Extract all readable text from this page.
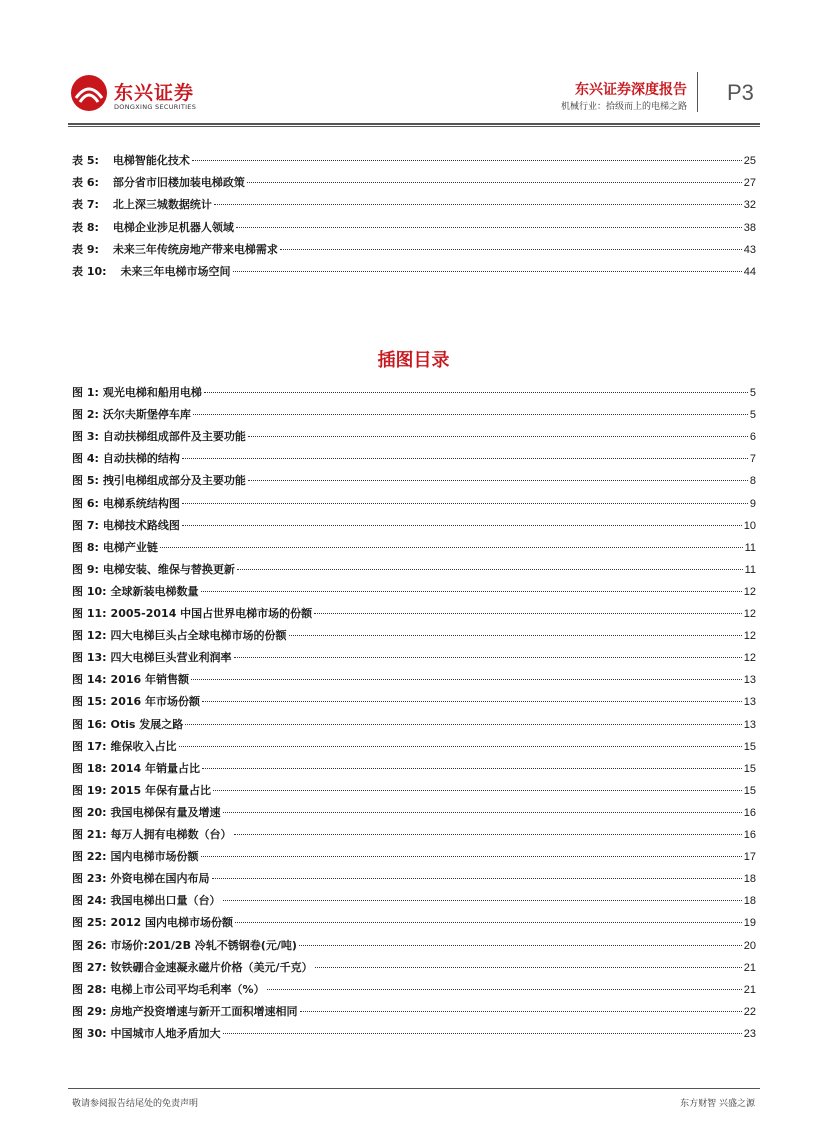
东兴证券
DONGXING SECURITIES
东兴证券深度报告
机械行业：拾级而上的电梯之路
P3
表 5: 电梯智能化技术	25
表 6: 部分省市旧楼加装电梯政策	27
表 7: 北上深三城数据统计	32
表 8: 电梯企业涉足机器人领域	38
表 9: 未来三年传统房地产带来电梯需求	43
表 10: 未来三年电梯市场空间	44
插图目录
图 1: 观光电梯和船用电梯	5
图 2: 沃尔夫斯堡停车库	5
图 3: 自动扶梯组成部件及主要功能	6
图 4: 自动扶梯的结构	7
图 5: 拽引电梯组成部分及主要功能	8
图 6: 电梯系统结构图	9
图 7: 电梯技术路线图	10
图 8: 电梯产业链	11
图 9: 电梯安装、维保与替换更新	11
图 10: 全球新装电梯数量	12
图 11: 2005-2014 中国占世界电梯市场的份额	12
图 12: 四大电梯巨头占全球电梯市场的份额	12
图 13: 四大电梯巨头营业利润率	12
图 14: 2016 年销售额	13
图 15: 2016 年市场份额	13
图 16: Otis 发展之路	13
图 17: 维保收入占比	15
图 18: 2014 年销量占比	15
图 19: 2015 年保有量占比	15
图 20: 我国电梯保有量及增速	16
图 21: 每万人拥有电梯数（台）	16
图 22: 国内电梯市场份额	17
图 23: 外资电梯在国内布局	18
图 24: 我国电梯出口量（台）	18
图 25: 2012 国内电梯市场份额	19
图 26: 市场价:201/2B 冷轧不锈钢卷(元/吨)	20
图 27: 钕铁硼合金速凝永磁片价格（美元/千克）	21
图 28: 电梯上市公司平均毛利率（%）	21
图 29: 房地产投资增速与新开工面积增速相同	22
图 30: 中国城市人地矛盾加大	23
敬请参阅报告结尾处的免责声明	东方财智 兴盛之源
